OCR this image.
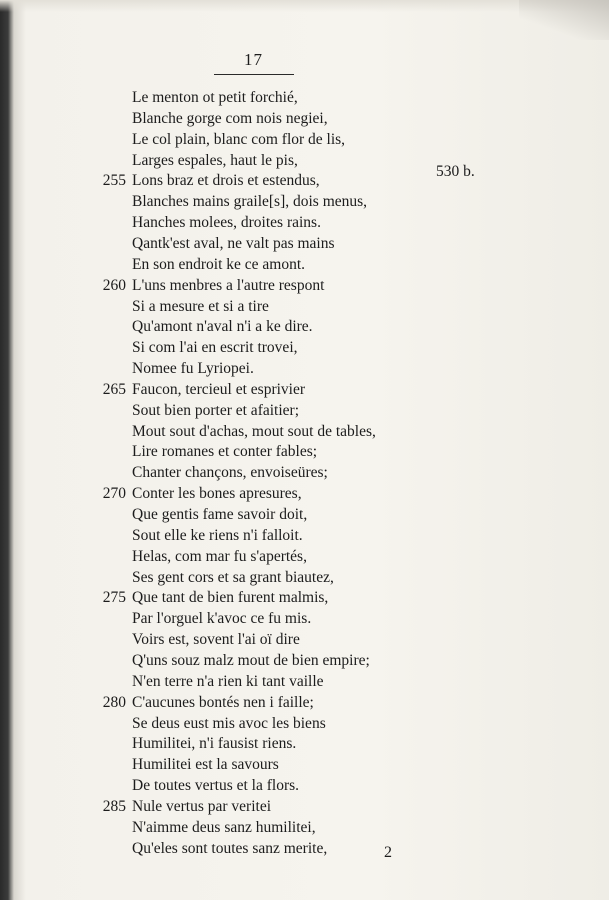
17
530 b.
Le menton ot petit forchié,
Blanche gorge com nois negiei,
Le col plain, blanc com flor de lis,
Larges espales, haut le pis,
255 Lons braz et drois et estendus,
Blanches mains graile[s], dois menus,
Hanches molees, droites rains.
Qantk'est aval, ne valt pas mains
En son endroit ke ce amont.
260 L'uns menbres a l'autre respont
Si a mesure et si a tire
Qu'amont n'aval n'i a ke dire.
Si com l'ai en escrit trovei,
Nomee fu Lyriopei.
265 Faucon, tercieul et esprivier
Sout bien porter et afaitier;
Mout sout d'achas, mout sout de tables,
Lire romanes et conter fables;
Chanter chançons, envoiseüres;
270 Conter les bones apresures,
Que gentis fame savoir doit,
Sout elle ke riens n'i falloit.
Helas, com mar fu s'apertés,
Ses gent cors et sa grant biautez,
275 Que tant de bien furent malmis,
Par l'orguel k'avoc ce fu mis.
Voirs est, sovent l'ai oï dire
Q'uns souz malz mout de bien empire;
N'en terre n'a rien ki tant vaille
280 C'aucunes bontés nen i faille;
Se deus eust mis avoc les biens
Humilitei, n'i fausist riens.
Humilitei est la savours
De toutes vertus et la flors.
285 Nule vertus par veritei
N'aimme deus sanz humilitei,
Qu'eles sont toutes sanz merite,	2
